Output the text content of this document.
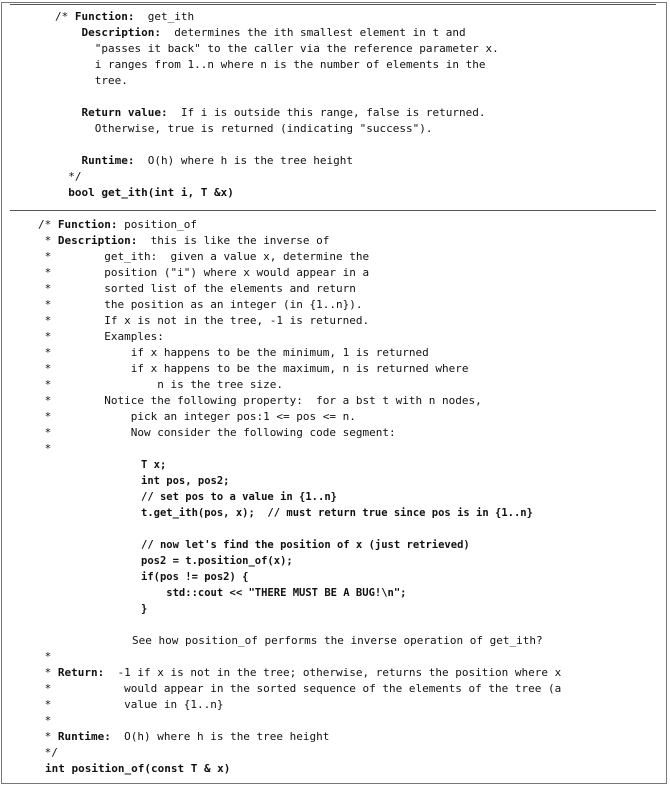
/* Function:  get_ith
Description:  determines the ith smallest element in t and
"passes it back" to the caller via the reference parameter x.
i ranges from 1..n where n is the number of elements in the
tree.
Return value:  If i is outside this range, false is returned.
Otherwise, true is returned (indicating "success").
Runtime:  O(h) where h is the tree height
*/
bool get_ith(int i, T &x)
/* Function: position_of
* Description:  this is like the inverse of
*        get_ith:  given a value x, determine the
*        position ("i") where x would appear in a
*        sorted list of the elements and return
*        the position as an integer (in {1..n}).
*        If x is not in the tree, -1 is returned.
*        Examples:
*            if x happens to be the minimum, 1 is returned
*            if x happens to be the maximum, n is returned where
*                n is the tree size.
*        Notice the following property:  for a bst t with n nodes,
*            pick an integer pos:1 <= pos <= n.
*            Now consider the following code segment:
*
T x;
int pos, pos2;
// set pos to a value in {1..n}
t.get_ith(pos, x);  // must return true since pos is in {1..n}
// now let's find the position of x (just retrieved)
pos2 = t.position_of(x);
if(pos != pos2) {
std::cout << "THERE MUST BE A BUG!\n";
}
See how position_of performs the inverse operation of get_ith?
*
* Return:  -1 if x is not in the tree; otherwise, returns the position where x
*           would appear in the sorted sequence of the elements of the tree (a
*           value in {1..n}
*
* Runtime:  O(h) where h is the tree height
*/
int position_of(const T & x)
